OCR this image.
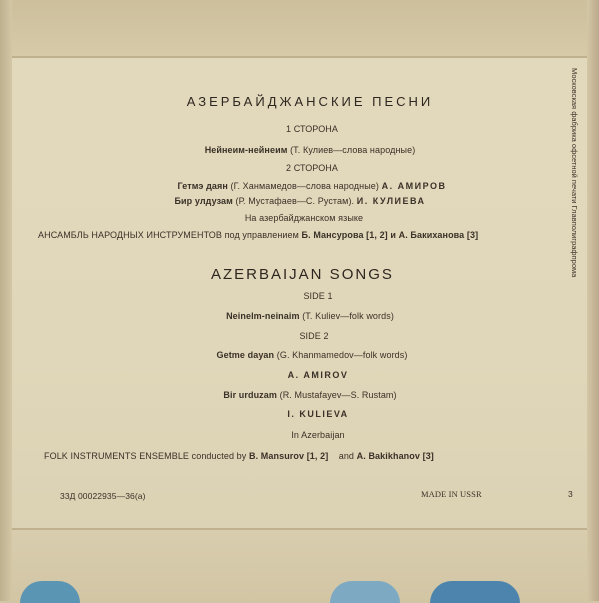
АЗЕРБАЙДЖАНСКИЕ ПЕСНИ
1 СТОРОНА
Нейнеим-нейнеим (Т. Кулиев—слова народные)
2 СТОРОНА
Гетмэ даян (Г. Ханмамедов—слова народные) А. АМИРОВ
Бир улдузам (Р. Мустафаев—С. Рустам). И. КУЛИЕВА
На азербайджанском языке
АНСАМБЛЬ НАРОДНЫХ ИНСТРУМЕНТОВ под управлением Б. Мансурова [1, 2] и А. Бакиханова [3]
AZERBAIJAN SONGS
SIDE 1
Neinelm-neinaim (T. Kuliev—folk words)
SIDE 2
Getme dayan (G. Khanmamedov—folk words)
A. AMIROV
Bir urduzam (R. Mustafayev—S. Rustam)
I. KULIEVA
In Azerbaijan
FOLK INSTRUMENTS ENSEMBLE conducted by B. Mansurov [1, 2] and A. Bakikhanov [3]
33Д 00022935—36(а)	MADE IN USSR	3
Московская фабрика офсетной печати Главполиграфпрома
